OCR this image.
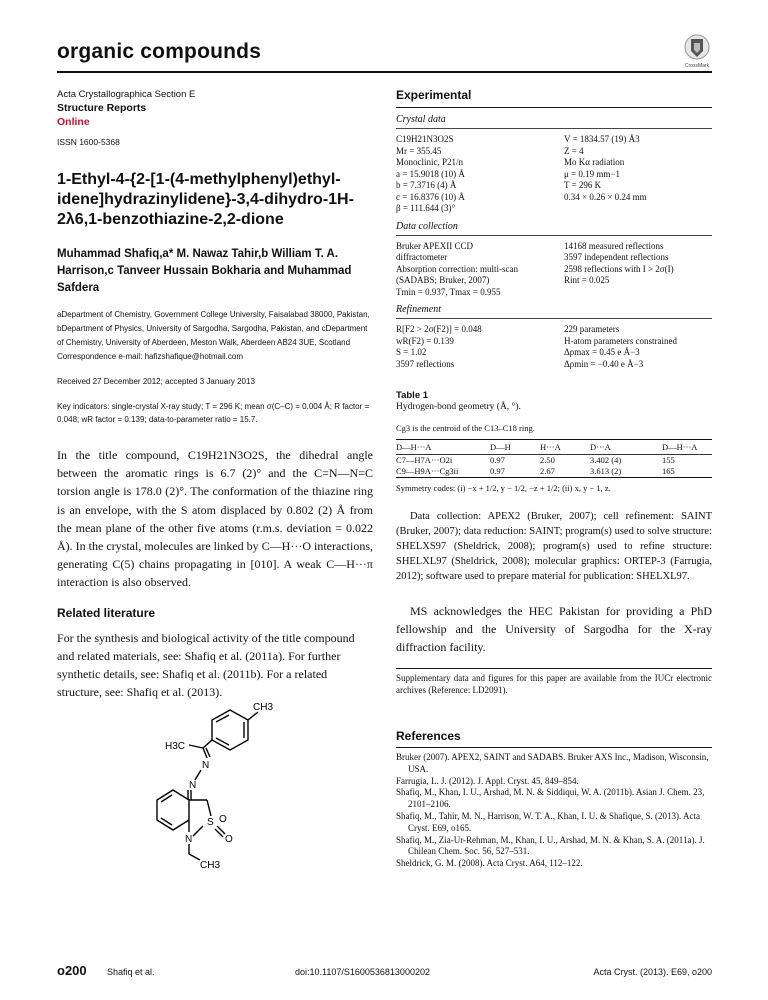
organic compounds
CrossMark
Acta Crystallographica Section E
Structure Reports
Online
ISSN 1600-5368
1-Ethyl-4-{2-[1-(4-methylphenyl)ethyl-
idene]hydrazinylidene}-3,4-dihydro-1H-
2λ6,1-benzothiazine-2,2-dione
Muhammad Shafiq,a* M. Nawaz Tahir,b William T. A.
Harrison,c Tanveer Hussain Bokharia and Muhammad
Safdera
aDepartment of Chemistry, Government College University, Faisalabad 38000, Pakistan, bDepartment of Physics, University of Sargodha, Sargodha, Pakistan, and cDepartment of Chemistry, University of Aberdeen, Meston Walk, Aberdeen AB24 3UE, Scotland
Correspondence e-mail: hafizshafique@hotmail.com
Received 27 December 2012; accepted 3 January 2013
Key indicators: single-crystal X-ray study; T = 296 K; mean σ(C–C) = 0.004 Å; R factor = 0.048; wR factor = 0.139; data-to-parameter ratio = 15.7.
In the title compound, C19H21N3O2S, the dihedral angle between the aromatic rings is 6.7 (2)° and the C=N—N=C torsion angle is 178.0 (2)°. The conformation of the thiazine ring is an envelope, with the S atom displaced by 0.802 (2) Å from the mean plane of the other five atoms (r.m.s. deviation = 0.022 Å). In the crystal, molecules are linked by C—H···O interactions, generating C(5) chains propagating in [010]. A weak C—H···π interaction is also observed.
Related literature
For the synthesis and biological activity of the title compound and related materials, see: Shafiq et al. (2011a). For further synthetic details, see: Shafiq et al. (2011b). For a related structure, see: Shafiq et al. (2013).
CH3
H3C
N
N
N
S O
O
CH3
Experimental
Crystal data
C19H21N3O2S
Mr = 355.45
Monoclinic, P21/n
a = 15.9018 (10) Å
b = 7.3716 (4) Å
c = 16.8376 (10) Å
β = 111.644 (3)°
V = 1834.57 (19) Å3
Z = 4
Mo Kα radiation
μ = 0.19 mm−1
T = 296 K
0.34 × 0.26 × 0.24 mm
Data collection
Bruker APEXII CCD
diffractometer
Absorption correction: multi-scan
(SADABS; Bruker, 2007)
Tmin = 0.937, Tmax = 0.955
14168 measured reflections
3597 independent reflections
2598 reflections with I > 2σ(I)
Rint = 0.025
Refinement
R[F2 > 2σ(F2)] = 0.048
wR(F2) = 0.139
S = 1.02
3597 reflections
229 parameters
H-atom parameters constrained
Δρmax = 0.45 e Å−3
Δρmin = −0.40 e Å−3
Table 1
Hydrogen-bond geometry (Å, °).
Cg3 is the centroid of the C13–C18 ring.
D—H···A	D—H	H···A	D···A	D—H···A
C7—H7A···O2i	0.97	2.50	3.402 (4)	155
C9—H9A···Cg3ii	0.97	2.67	3.613 (2)	165
Symmetry codes: (i) −x + 1/2, y − 1/2, −z + 1/2; (ii) x, y − 1, z.
Data collection: APEX2 (Bruker, 2007); cell refinement: SAINT (Bruker, 2007); data reduction: SAINT; program(s) used to solve structure: SHELXS97 (Sheldrick, 2008); program(s) used to refine structure: SHELXL97 (Sheldrick, 2008); molecular graphics: ORTEP-3 (Farrugia, 2012); software used to prepare material for publication: SHELXL97.
MS acknowledges the HEC Pakistan for providing a PhD fellowship and the University of Sargodha for the X-ray diffraction facility.
Supplementary data and figures for this paper are available from the IUCr electronic archives (Reference: LD2091).
References
Bruker (2007). APEX2, SAINT and SADABS. Bruker AXS Inc., Madison, Wisconsin, USA.
Farrugia, L. J. (2012). J. Appl. Cryst. 45, 849–854.
Shafiq, M., Khan, I. U., Arshad, M. N. & Siddiqui, W. A. (2011b). Asian J. Chem. 23, 2101–2106.
Shafiq, M., Tahir, M. N., Harrison, W. T. A., Khan, I. U. & Shafique, S. (2013). Acta Cryst. E69, o165.
Shafiq, M., Zia-Ur-Rehman, M., Khan, I. U., Arshad, M. N. & Khan, S. A. (2011a). J. Chilean Chem. Soc. 56, 527–531.
Sheldrick, G. M. (2008). Acta Cryst. A64, 112–122.
o200 Shafiq et al.	doi:10.1107/S1600536813000202	Acta Cryst. (2013). E69, o200
